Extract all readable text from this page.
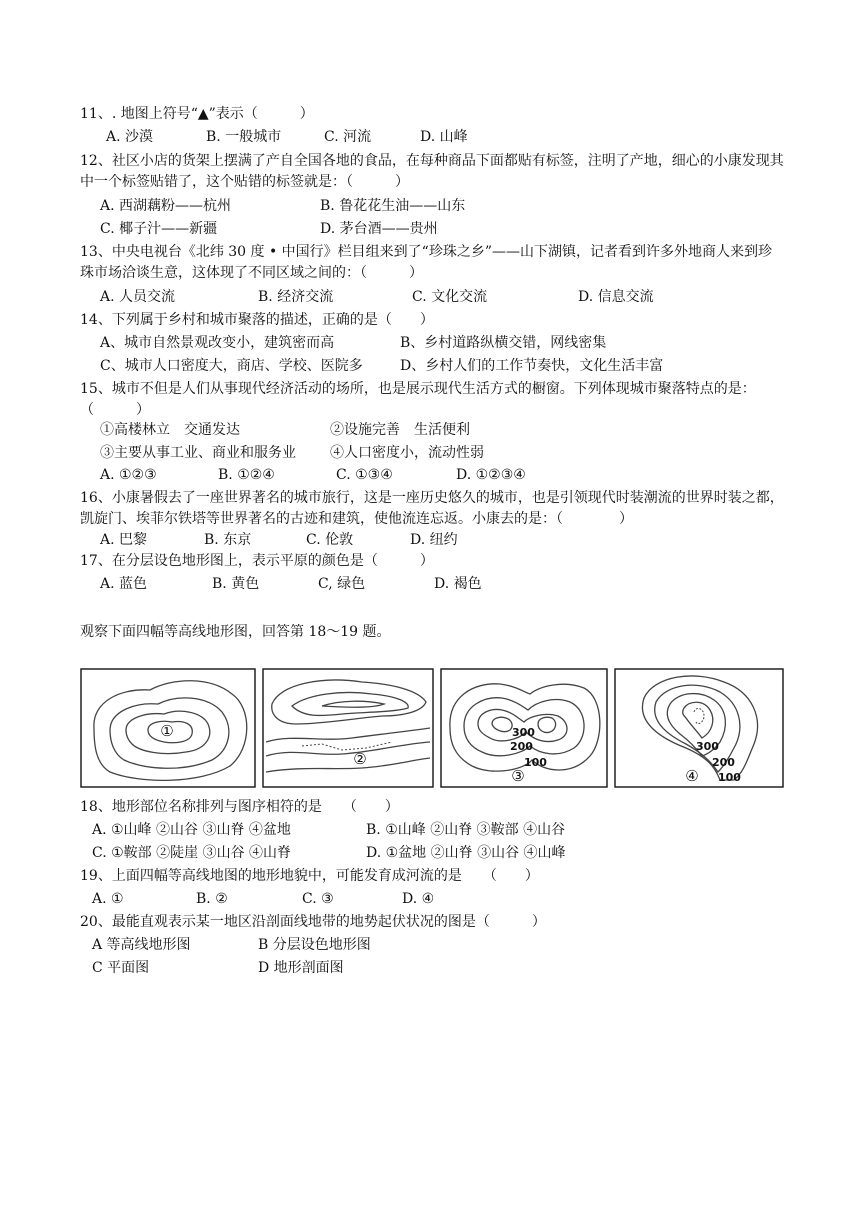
11、. 地图上符号“▲”表示（　　　）
A. 沙漠	B. 一般城市	C. 河流	D. 山峰
12、社区小店的货架上摆满了产自全国各地的食品，在每种商品下面都贴有标签，注明了产地，细心的小康发现其中一个标签贴错了，这个贴错的标签就是：（　　　）
A. 西湖藕粉——杭州	B. 鲁花花生油——山东
C. 椰子汁——新疆	D. 茅台酒——贵州
13、中央电视台《北纬 30 度 • 中国行》栏目组来到了“珍珠之乡”——山下湖镇，记者看到许多外地商人来到珍珠市场洽谈生意，这体现了不同区域之间的：（　　　）
A. 人员交流	B. 经济交流	C. 文化交流	D. 信息交流
14、下列属于乡村和城市聚落的描述，正确的是（　　）
A、城市自然景观改变小，建筑密而高	B、乡村道路纵横交错，网线密集
C、城市人口密度大，商店、学校、医院多	D、乡村人们的工作节奏快，文化生活丰富
15、城市不但是人们从事现代经济活动的场所，也是展示现代生活方式的橱窗。下列体现城市聚落特点的是：（　　　）
①高楼林立　交通发达	②设施完善　生活便利
③主要从事工业、商业和服务业 ④人口密度小，流动性弱
A. ①②③	B. ①②④	C. ①③④	D. ①②③④
16、小康暑假去了一座世界著名的城市旅行，这是一座历史悠久的城市，也是引领现代时装潮流的世界时装之都，凯旋门、埃菲尔铁塔等世界著名的古迹和建筑，使他流连忘返。小康去的是：（　　　　）
A. 巴黎	B. 东京	C. 伦敦	D. 纽约
17、在分层设色地形图上，表示平原的颜色是（　　　）
A. 蓝色	B. 黄色	C, 绿色	D. 褐色
观察下面四幅等高线地形图，回答第 18～19 题。
①
②
300
200
100
③
300
200
100
④
18、地形部位名称排列与图序相符的是　　（　　）
A. ①山峰 ②山谷 ③山脊 ④盆地	B. ①山峰 ②山脊 ③鞍部 ④山谷
C. ①鞍部 ②陡崖 ③山谷 ④山脊	D. ①盆地 ②山脊 ③山谷 ④山峰
19、上面四幅等高线地图的地形地貌中，可能发育成河流的是　　（　　）
A. ①	B. ②	C. ③	D. ④
20、最能直观表示某一地区沿剖面线地带的地势起伏状况的图是（　　　）
A 等高线地形图	B 分层设色地形图
C 平面图	D 地形剖面图
